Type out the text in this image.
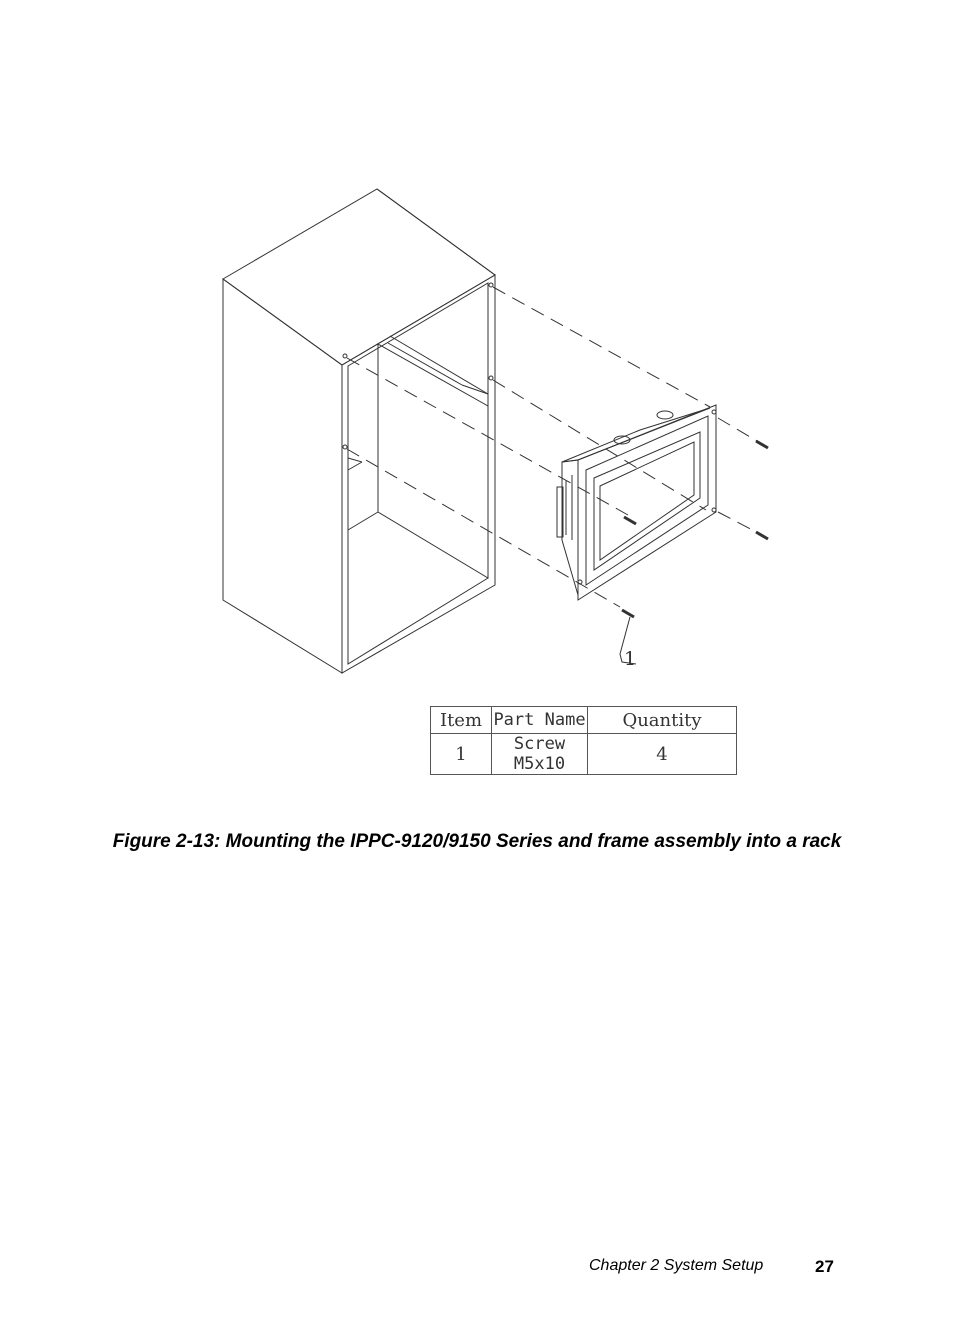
1
Item	Part Name	Quantity
1	Screw M5x10	4
Figure 2-13: Mounting the IPPC-9120/9150 Series and frame assembly into a rack
Chapter 2 System Setup	27
